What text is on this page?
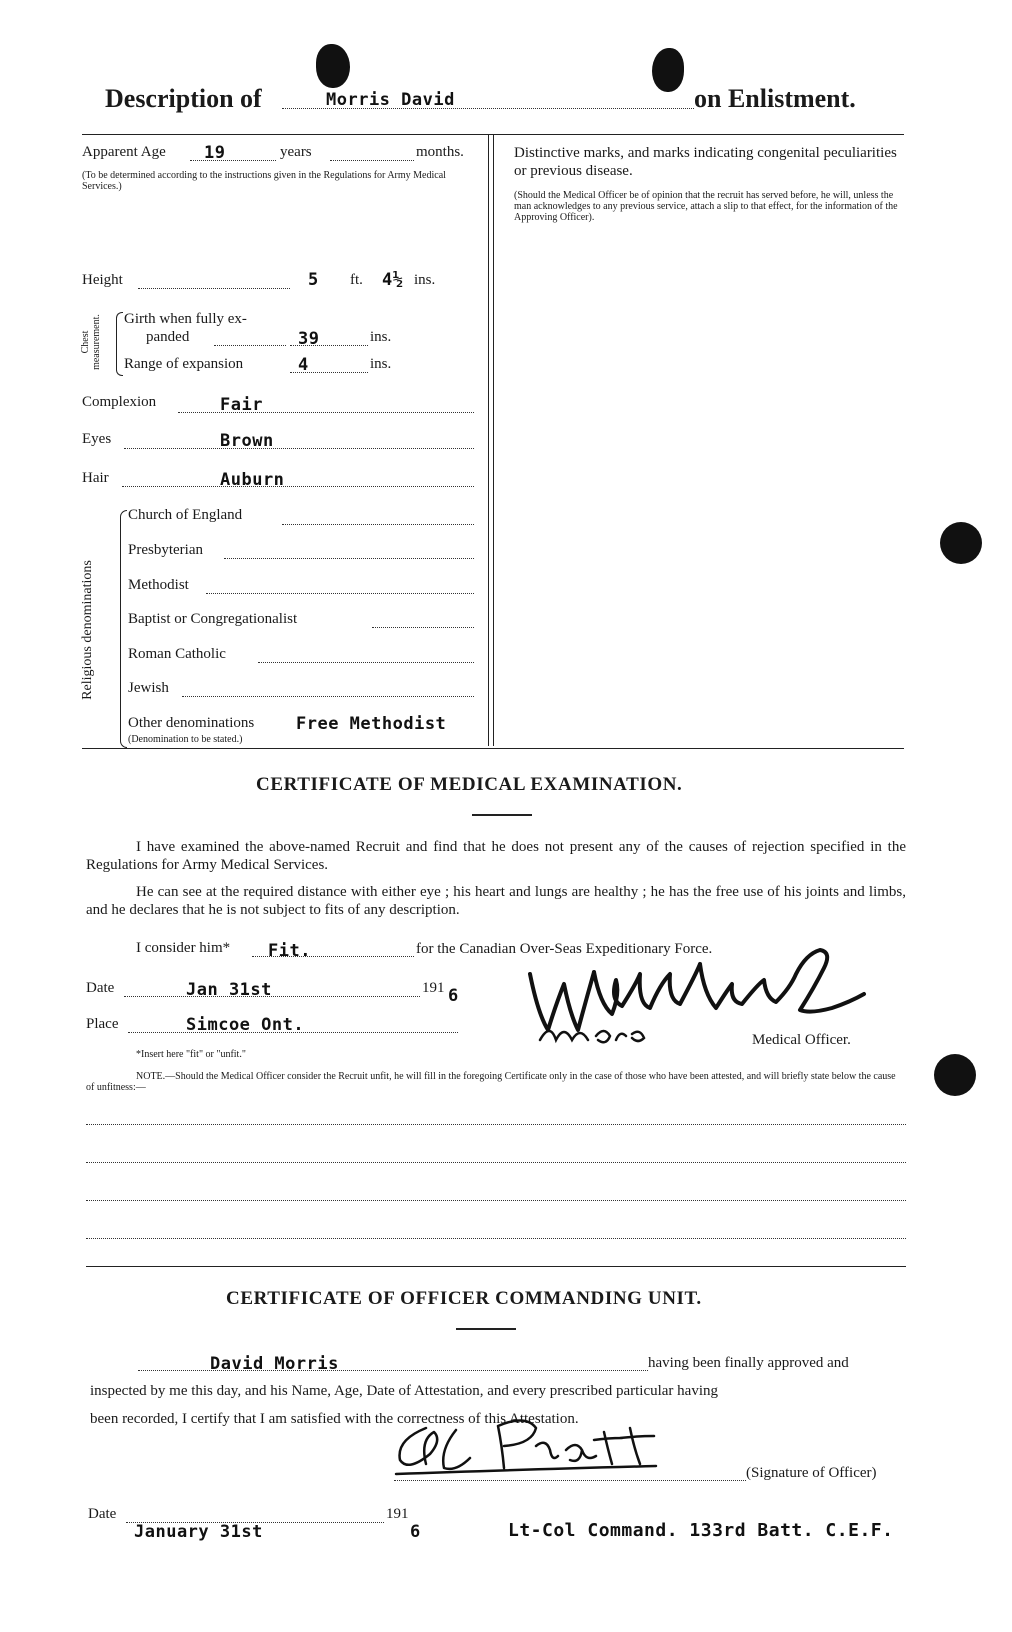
Description of	Morris David	on Enlistment.
Apparent Age 19	years	months.
(To be determined according to the instructions given in the Regulations for Army Medical Services.)
Height	5 ft. 4½ ins.
Chest measurement. Girth when fully ex-
panded	39	ins.
Range of expansion	4	ins.
Complexion	Fair
Eyes	Brown
Hair	Auburn
Religious denominations
Church of England
Presbyterian
Methodist
Baptist or Congregationalist
Roman Catholic
Jewish
Other denominations Free Methodist
(Denomination to be stated.)
Distinctive marks, and marks indicating congenital peculiarities or previous disease.
(Should the Medical Officer be of opinion that the recruit has served before, he will, unless the man acknowledges to any previous service, attach a slip to that effect, for the information of the Approving Officer).
CERTIFICATE OF MEDICAL EXAMINATION.
I have examined the above-named Recruit and find that he does not present any of the causes of rejection specified in the Regulations for Army Medical Services.
He can see at the required distance with either eye ; his heart and lungs are healthy ; he has the free use of his joints and limbs, and he declares that he is not subject to fits of any description.
I consider him* Fit.	for the Canadian Over-Seas Expeditionary Force.
Date	Jan 31st	191 6
Place	Simcoe Ont.
*Insert here "fit" or "unfit."
Medical Officer.
NOTE.—Should the Medical Officer consider the Recruit unfit, he will fill in the foregoing Certificate only in the case of those who have been attested, and will briefly state below the cause of unfitness:—
CERTIFICATE OF OFFICER COMMANDING UNIT.
David Morris	having been finally approved and
inspected by me this day, and his Name, Age, Date of Attestation, and every prescribed particular having
been recorded, I certify that I am satisfied with the correctness of this Attestation.
(Signature of Officer)
Date	191
January 31st	6	Lt-Col Command. 133rd Batt. C.E.F.
